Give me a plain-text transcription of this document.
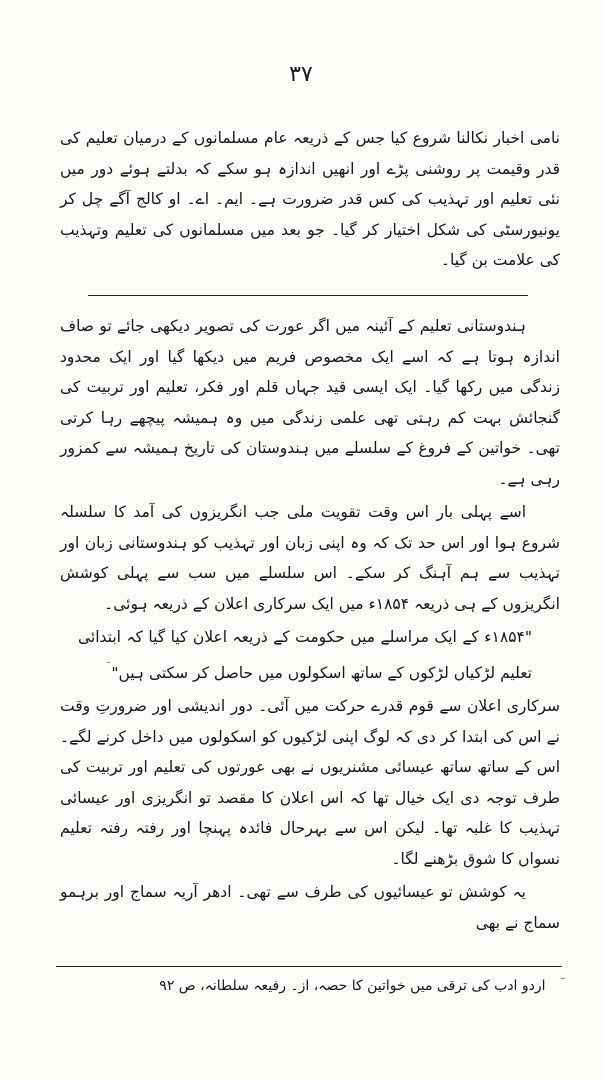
۳۷

نامی اخبار نکالنا شروع کیا جس کے ذریعہ عام مسلمانوں کے درمیان تعلیم کی قدر وقیمت پر روشنی پڑے اور انھیں اندازہ ہو سکے کہ بدلتے ہوئے دور میں نئی تعلیم اور تہذیب کی کس قدر ضرورت ہے۔ ایم۔ اے۔ او کالج آگے چل کر یونیورسٹی کی شکل اختیار کر گیا۔ جو بعد میں مسلمانوں کی تعلیم وتہذیب کی علامت بن گیا۔

ہندوستانی تعلیم کے آئینہ میں اگر عورت کی تصویر دیکھی جائے تو صاف اندازہ ہوتا ہے کہ اسے ایک مخصوص فریم میں دیکھا گیا اور ایک محدود زندگی میں رکھا گیا۔ ایک ایسی قید جہاں قلم اور فکر، تعلیم اور تربیت کی گنجائش بہت کم رہتی تھی علمی زندگی میں وہ ہمیشہ پیچھے رہا کرتی تھی۔ خواتین کے فروغ کے سلسلے میں ہندوستان کی تاریخ ہمیشہ سے کمزور رہی ہے۔

اسے پہلی بار اس وقت تقویت ملی جب انگریزوں کی آمد کا سلسلہ شروع ہوا اور اس حد تک کہ وہ اپنی زبان اور تہذیب کو ہندوستانی زبان اور تہذیب سے ہم آہنگ کر سکے۔ اس سلسلے میں سب سے پہلی کوشش انگریزوں کے ہی ذریعہ ۱۸۵۴ء میں ایک سرکاری اعلان کے ذریعہ ہوئی۔

"۱۸۵۴ء کے ایک مراسلے میں حکومت کے ذریعہ اعلان کیا گیا کہ ابتدائی تعلیم لڑکیاں لڑکوں کے ساتھ اسکولوں میں حاصل کر سکتی ہیں"

سرکاری اعلان سے قوم قدرے حرکت میں آئی۔ دور اندیشی اور ضرورتِ وقت نے اس کی ابتدا کر دی کہ لوگ اپنی لڑکیوں کو اسکولوں میں داخل کرنے لگے۔ اس کے ساتھ ساتھ عیسائی مشنریوں نے بھی عورتوں کی تعلیم اور تربیت کی طرف توجہ دی ایک خیال تھا کہ اس اعلان کا مقصد تو انگریزی اور عیسائی تہذیب کا غلبہ تھا۔ لیکن اس سے بہرحال فائدہ پہنچا اور رفتہ رفتہ تعلیم نسواں کا شوق بڑھنے لگا۔

یہ کوشش تو عیسائیوں کی طرف سے تھی۔ ادھر آریہ سماج اور برہمو سماج نے بھی

اردو ادب کی ترقی میں خواتین کا حصہ، از۔ رفیعہ سلطانہ، ص ۹۲
